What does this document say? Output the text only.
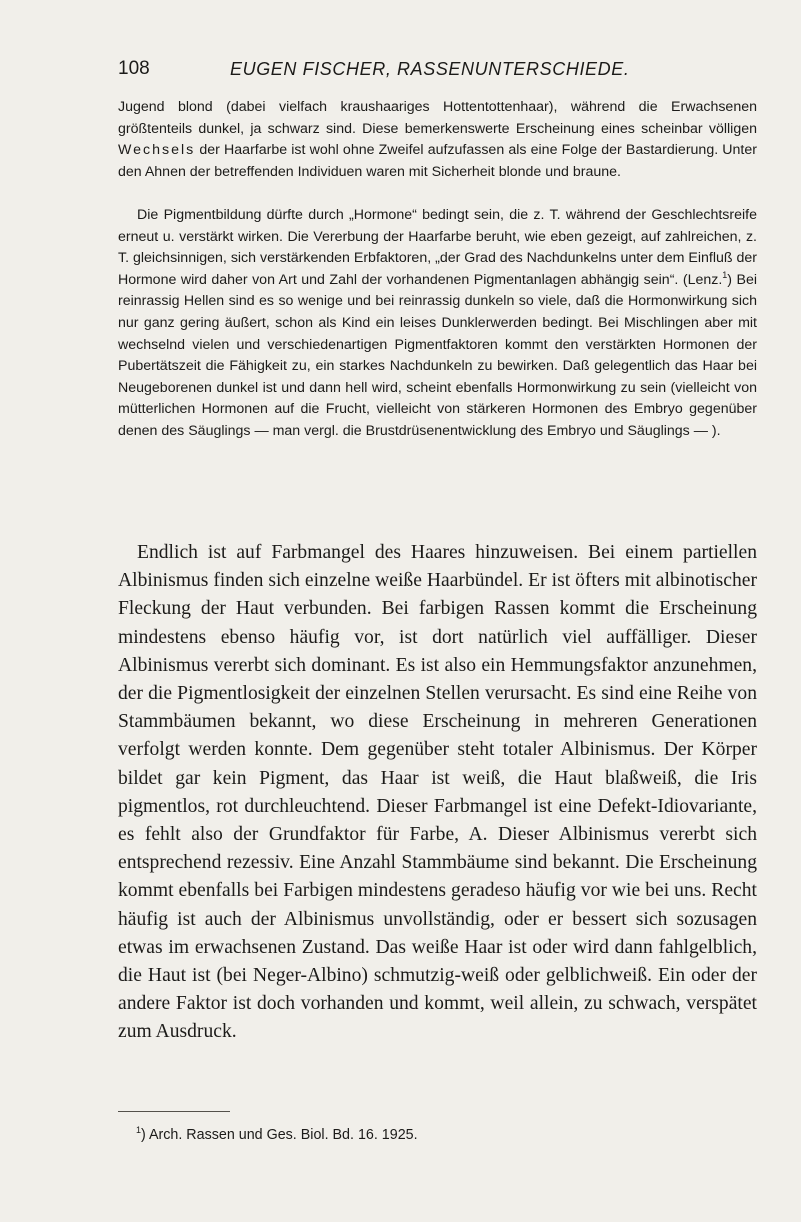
108	EUGEN FISCHER, RASSENUNTERSCHIEDE.

Jugend blond (dabei vielfach kraushaariges Hottentottenhaar), während die Erwachsenen größtenteils dunkel, ja schwarz sind. Diese bemerkenswerte Erscheinung eines scheinbar völligen Wechsels der Haarfarbe ist wohl ohne Zweifel aufzufassen als eine Folge der Bastardierung. Unter den Ahnen der betreffenden Individuen waren mit Sicherheit blonde und braune.

Die Pigmentbildung dürfte durch „Hormone“ bedingt sein, die z. T. während der Geschlechtsreife erneut u. verstärkt wirken. Die Vererbung der Haarfarbe beruht, wie eben gezeigt, auf zahlreichen, z. T. gleichsinnigen, sich verstärkenden Erbfaktoren, „der Grad des Nachdunkelns unter dem Einfluß der Hormone wird daher von Art und Zahl der vorhandenen Pigmentanlagen abhängig sein“. (Lenz.$^1$) Bei reinrassig Hellen sind es so wenige und bei reinrassig dunkeln so viele, daß die Hormonwirkung sich nur ganz gering äußert, schon als Kind ein leises Dunklerwerden bedingt. Bei Mischlingen aber mit wechselnd vielen und verschiedenartigen Pigmentfaktoren kommt den verstärkten Hormonen der Pubertätszeit die Fähigkeit zu, ein starkes Nachdunkeln zu bewirken. Daß gelegentlich das Haar bei Neugeborenen dunkel ist und dann hell wird, scheint ebenfalls Hormonwirkung zu sein (vielleicht von mütterlichen Hormonen auf die Frucht, vielleicht von stärkeren Hormonen des Embryo gegenüber denen des Säuglings — man vergl. die Brustdrüsenentwicklung des Embryo und Säuglings — ).

Endlich ist auf Farbmangel des Haares hinzuweisen. Bei einem partiellen Albinismus finden sich einzelne weiße Haarbündel. Er ist öfters mit albinotischer Fleckung der Haut verbunden. Bei farbigen Rassen kommt die Erscheinung mindestens ebenso häufig vor, ist dort natürlich viel auffälliger. Dieser Albinismus vererbt sich dominant. Es ist also ein Hemmungsfaktor anzunehmen, der die Pigmentlosigkeit der einzelnen Stellen verursacht. Es sind eine Reihe von Stammbäumen bekannt, wo diese Erscheinung in mehreren Generationen verfolgt werden konnte. Dem gegenüber steht totaler Albinismus. Der Körper bildet gar kein Pigment, das Haar ist weiß, die Haut blaßweiß, die Iris pigmentlos, rot durchleuchtend. Dieser Farbmangel ist eine Defekt-Idiovariante, es fehlt also der Grundfaktor für Farbe, A. Dieser Albinismus vererbt sich entsprechend rezessiv. Eine Anzahl Stammbäume sind bekannt. Die Erscheinung kommt ebenfalls bei Farbigen mindestens geradeso häufig vor wie bei uns. Recht häufig ist auch der Albinismus unvollständig, oder er bessert sich sozusagen etwas im erwachsenen Zustand. Das weiße Haar ist oder wird dann fahlgelblich, die Haut ist (bei Neger-Albino) schmutzig-weiß oder gelblichweiß. Ein oder der andere Faktor ist doch vorhanden und kommt, weil allein, zu schwach, verspätet zum Ausdruck.

$^1$) Arch. Rassen und Ges. Biol. Bd. 16. 1925.
